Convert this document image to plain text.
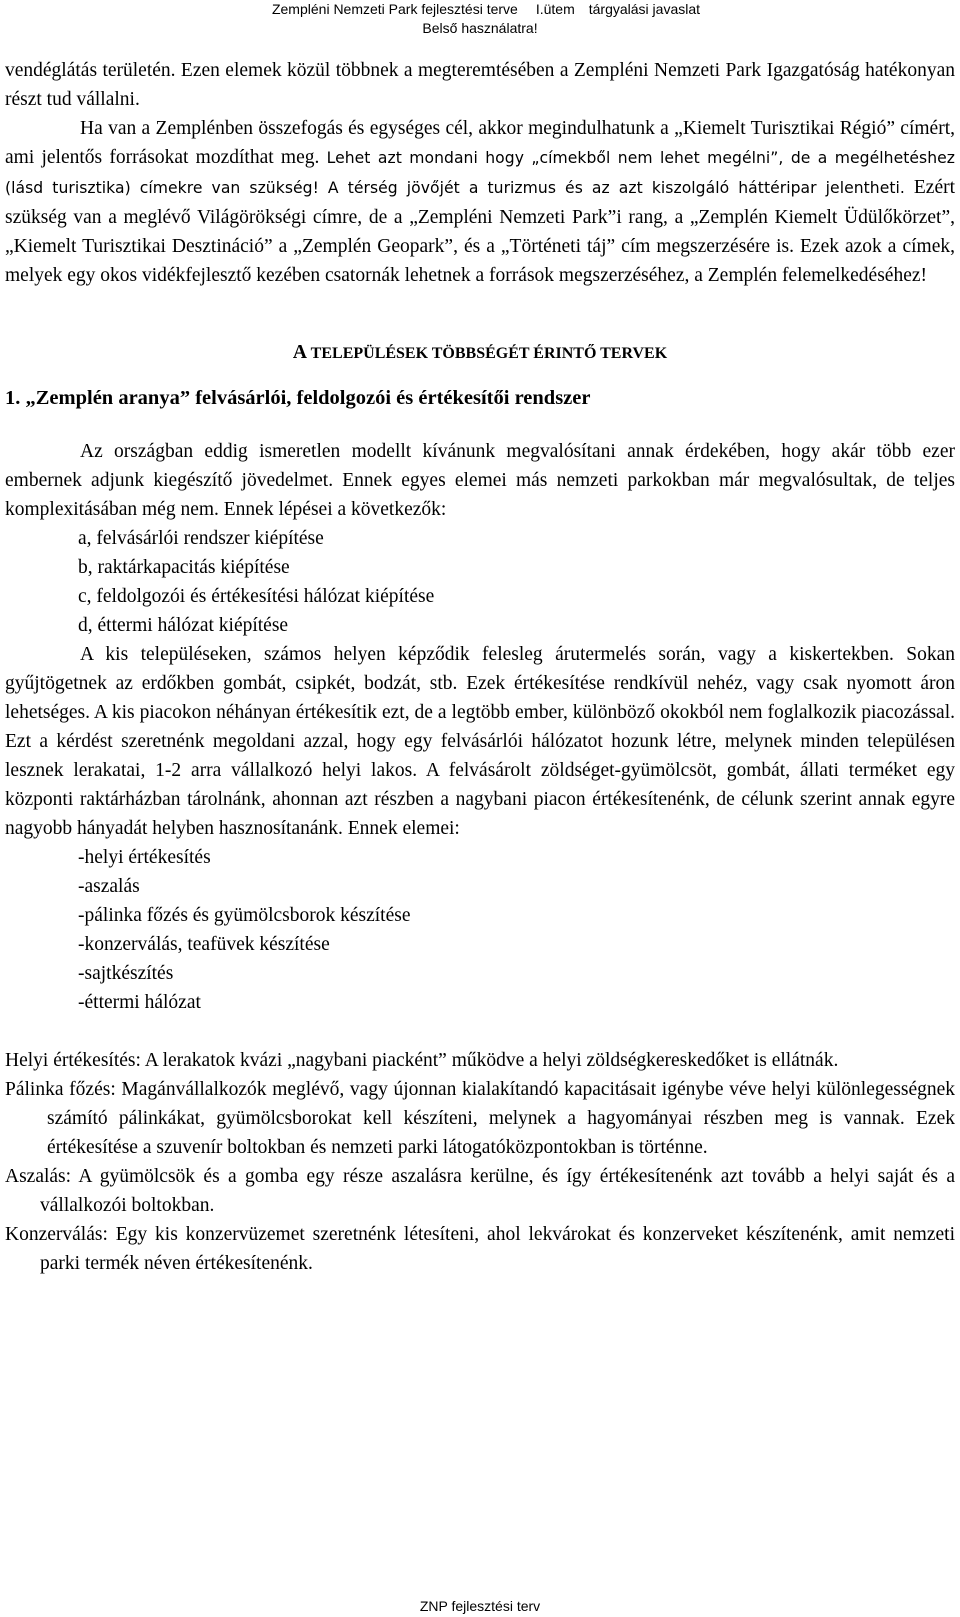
Zempléni Nemzeti Park fejlesztési terve I.ütem tárgyalási javaslat
Belső használatra!

vendéglátás területén. Ezen elemek közül többnek a megteremtésében a Zempléni Nemzeti Park Igazgatóság hatékonyan részt tud vállalni.

Ha van a Zemplénben összefogás és egységes cél, akkor megindulhatunk a „Kiemelt Turisztikai Régió” címért, ami jelentős forrásokat mozdíthat meg. Lehet azt mondani hogy „címekből nem lehet megélni”, de a megélhetéshez (lásd turisztika) címekre van szükség! A térség jövőjét a turizmus és az azt kiszolgáló háttéripar jelentheti. Ezért szükség van a meglévő Világörökségi címre, de a „Zempléni Nemzeti Park”i rang, a „Zemplén Kiemelt Üdülőkörzet”, „Kiemelt Turisztikai Desztináció” a „Zemplén Geopark”, és a „Történeti táj” cím megszerzésére is. Ezek azok a címek, melyek egy okos vidékfejlesztő kezében csatornák lehetnek a források megszerzéséhez, a Zemplén felemelkedéséhez!

A TELEPÜLÉSEK TÖBBSÉGÉT ÉRINTŐ TERVEK
1. „Zemplén aranya” felvásárlói, feldolgozói és értékesítői rendszer

Az országban eddig ismeretlen modellt kívánunk megvalósítani annak érdekében, hogy akár több ezer embernek adjunk kiegészítő jövedelmet. Ennek egyes elemei más nemzeti parkokban már megvalósultak, de teljes komplexitásában még nem. Ennek lépései a következők:

a, felvásárlói rendszer kiépítése
b, raktárkapacitás kiépítése
c, feldolgozói és értékesítési hálózat kiépítése
d, éttermi hálózat kiépítése

A kis településeken, számos helyen képződik felesleg árutermelés során, vagy a kiskertekben. Sokan gyűjtögetnek az erdőkben gombát, csipkét, bodzát, stb. Ezek értékesítése rendkívül nehéz, vagy csak nyomott áron lehetséges. A kis piacokon néhányan értékesítik ezt, de a legtöbb ember, különböző okokból nem foglalkozik piacozással. Ezt a kérdést szeretnénk megoldani azzal, hogy egy felvásárlói hálózatot hozunk létre, melynek minden településen lesznek lerakatai, 1-2 arra vállalkozó helyi lakos. A felvásárolt zöldséget-gyümölcsöt, gombát, állati terméket egy központi raktárházban tárolnánk, ahonnan azt részben a nagybani piacon értékesítenénk, de célunk szerint annak egyre nagyobb hányadát helyben hasznosítanánk. Ennek elemei:

-helyi értékesítés
-aszalás
-pálinka főzés és gyümölcsborok készítése
-konzerválás, teafüvek készítése
-sajtkészítés
-éttermi hálózat

Helyi értékesítés: A lerakatok kvázi „nagybani piacként” működve a helyi zöldségkereskedőket is ellátnák.

Pálinka főzés: Magánvállalkozók meglévő, vagy újonnan kialakítandó kapacitásait igénybe véve helyi különlegességnek számító pálinkákat, gyümölcsborokat kell készíteni, melynek a hagyományai részben meg is vannak. Ezek értékesítése a szuvenír boltokban és nemzeti parki látogatóközpontokban is történne.

Aszalás: A gyümölcsök és a gomba egy része aszalásra kerülne, és így értékesítenénk azt tovább a helyi saját és a vállalkozói boltokban.

Konzerválás: Egy kis konzervüzemet szeretnénk létesíteni, ahol lekvárokat és konzerveket készítenénk, amit nemzeti parki termék néven értékesítenénk.

ZNP fejlesztési terv
